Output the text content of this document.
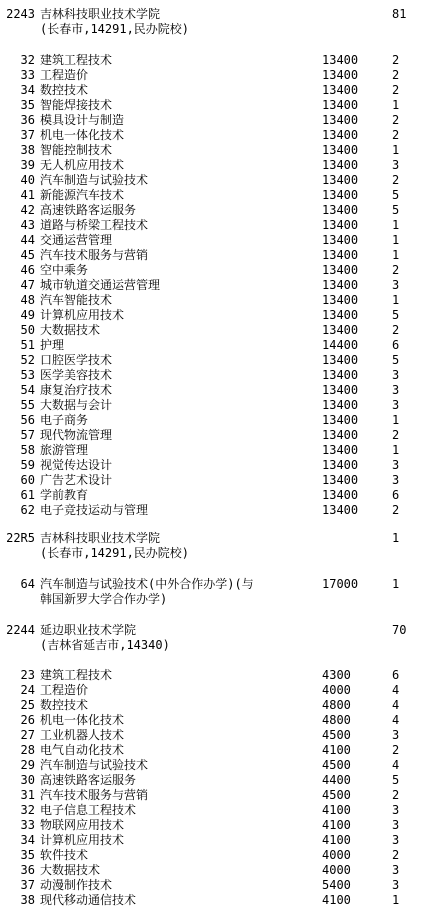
2243 吉林科技职业技术学院	81
(长春市,14291,民办院校)
32 建筑工程技术	13400	2
33 工程造价	13400	2
34 数控技术	13400	2
35 智能焊接技术	13400	1
36 模具设计与制造	13400	2
37 机电一体化技术	13400	2
38 智能控制技术	13400	1
39 无人机应用技术	13400	3
40 汽车制造与试验技术	13400	2
41 新能源汽车技术	13400	5
42 高速铁路客运服务	13400	5
43 道路与桥梁工程技术	13400	1
44 交通运营管理	13400	1
45 汽车技术服务与营销	13400	1
46 空中乘务	13400	2
47 城市轨道交通运营管理	13400	3
48 汽车智能技术	13400	1
49 计算机应用技术	13400	5
50 大数据技术	13400	2
51 护理	14400	6
52 口腔医学技术	13400	5
53 医学美容技术	13400	3
54 康复治疗技术	13400	3
55 大数据与会计	13400	3
56 电子商务	13400	1
57 现代物流管理	13400	2
58 旅游管理	13400	1
59 视觉传达设计	13400	3
60 广告艺术设计	13400	3
61 学前教育	13400	6
62 电子竞技运动与管理	13400	2
22R5 吉林科技职业技术学院	1
(长春市,14291,民办院校)
64 汽车制造与试验技术(中外合作办学)(与	17000	1
韩国新罗大学合作办学)
2244 延边职业技术学院	70
(吉林省延吉市,14340)
23 建筑工程技术	4300	6
24 工程造价	4000	4
25 数控技术	4800	4
26 机电一体化技术	4800	4
27 工业机器人技术	4500	3
28 电气自动化技术	4100	2
29 汽车制造与试验技术	4500	4
30 高速铁路客运服务	4400	5
31 汽车技术服务与营销	4500	2
32 电子信息工程技术	4100	3
33 物联网应用技术	4100	3
34 计算机应用技术	4100	3
35 软件技术	4000	2
36 大数据技术	4000	3
37 动漫制作技术	5400	3
38 现代移动通信技术	4100	1
